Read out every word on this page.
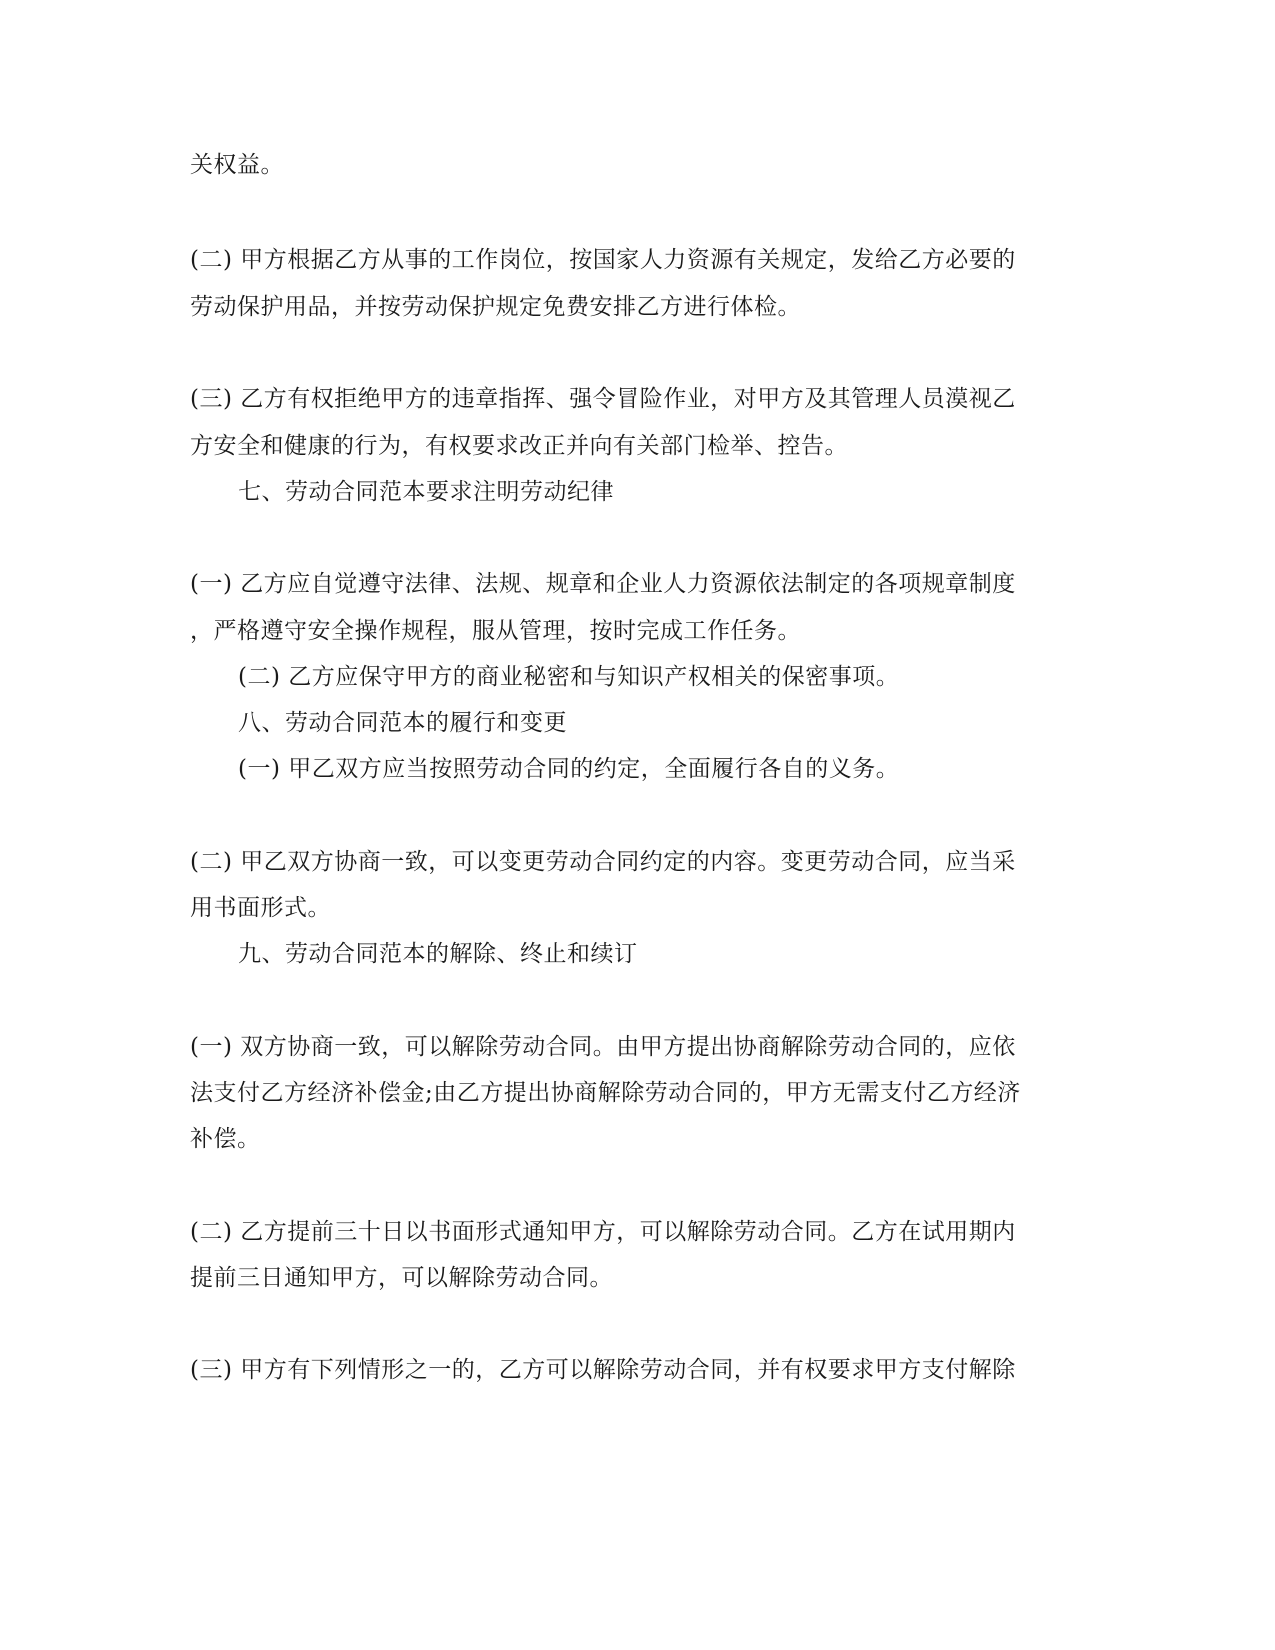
关权益。
(二) 甲方根据乙方从事的工作岗位，按国家人力资源有关规定，发给乙方必要的
劳动保护用品，并按劳动保护规定免费安排乙方进行体检。
(三) 乙方有权拒绝甲方的违章指挥、强令冒险作业，对甲方及其管理人员漠视乙
方安全和健康的行为，有权要求改正并向有关部门检举、控告。
七、劳动合同范本要求注明劳动纪律
(一) 乙方应自觉遵守法律、法规、规章和企业人力资源依法制定的各项规章制度
，严格遵守安全操作规程，服从管理，按时完成工作任务。
(二) 乙方应保守甲方的商业秘密和与知识产权相关的保密事项。
八、劳动合同范本的履行和变更
(一) 甲乙双方应当按照劳动合同的约定，全面履行各自的义务。
(二) 甲乙双方协商一致，可以变更劳动合同约定的内容。变更劳动合同，应当采
用书面形式。
九、劳动合同范本的解除、终止和续订
(一) 双方协商一致，可以解除劳动合同。由甲方提出协商解除劳动合同的，应依
法支付乙方经济补偿金;由乙方提出协商解除劳动合同的，甲方无需支付乙方经济
补偿。
(二) 乙方提前三十日以书面形式通知甲方，可以解除劳动合同。乙方在试用期内
提前三日通知甲方，可以解除劳动合同。
(三) 甲方有下列情形之一的，乙方可以解除劳动合同，并有权要求甲方支付解除
